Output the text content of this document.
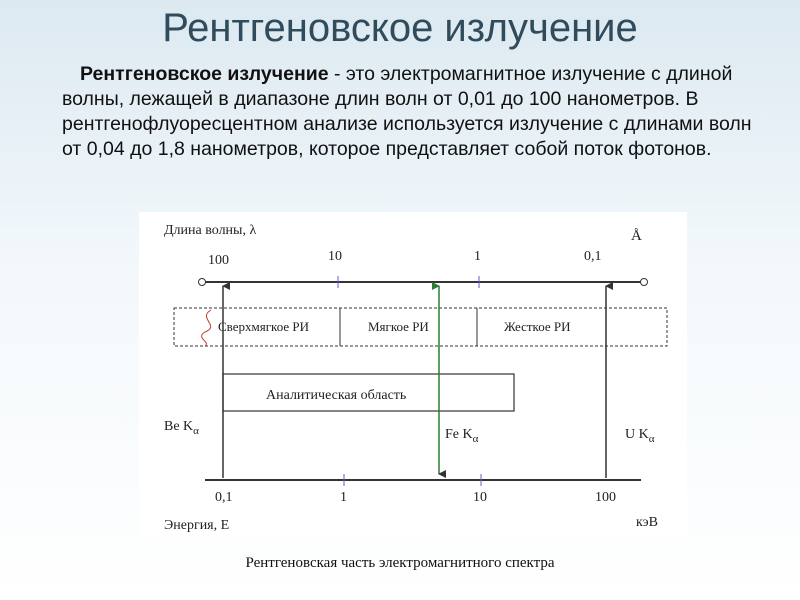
Рентгеновское излучение
Рентгеновское излучение - это электромагнитное излучение с длиной волны, лежащей в диапазоне длин волн от 0,01 до 100 нанометров. В рентгенофлуоресцентном анализе используется излучение с длинами волн от 0,04 до 1,8 нанометров, которое представляет собой поток фотонов.
Длина волны, λ	Å
100	10	1	0,1
Сверхмягкое РИ	Мягкое РИ	Жесткое РИ
Аналитическая область
Be $K_\alpha$	Fe $K_\alpha$	U $K_\alpha$
0,1	1	10	100
Энергия, E	кэВ
Рентгеновская часть электромагнитного спектра
